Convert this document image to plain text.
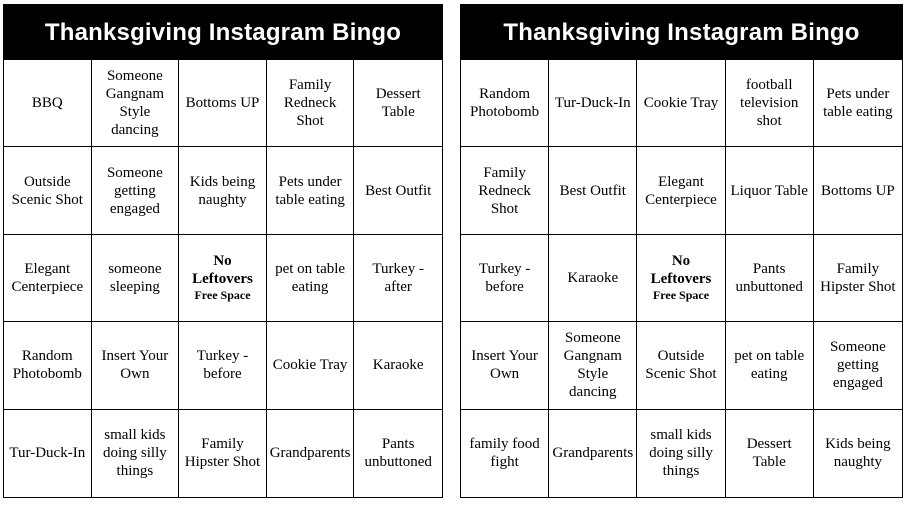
Thanksgiving Instagram Bingo
BBQ
Someone
Gangnam
Style
dancing
Bottoms UP
Family
Redneck
Shot
Dessert
Table
Outside
Scenic Shot
Someone
getting
engaged
Kids being
naughty
Pets under
table eating
Best Outfit
Elegant
Centerpiece
someone
sleeping
No
Leftovers
Free Space
pet on table
eating
Turkey -
after
Random
Photobomb
Insert Your
Own
Turkey -
before
Cookie Tray	Karaoke
Tur-Duck-In
small kids
doing silly
things
Family
Hipster Shot
Grandparents
Pants
unbuttoned
Thanksgiving Instagram Bingo
Random
Photobomb
Tur-Duck-In Cookie Tray
football
television
shot
Pets under
table eating
Family
Redneck
Shot
Best Outfit
Elegant
Centerpiece
Liquor Table Bottoms UP
Turkey -
before
Karaoke
No
Leftovers
Free Space
Pants
unbuttoned
Family
Hipster Shot
Insert Your
Own
Someone
Gangnam
Style
dancing
Outside
Scenic Shot
pet on table
eating
Someone
getting
engaged
family food
fight
Grandparents
small kids
doing silly
things
Dessert
Table
Kids being
naughty
